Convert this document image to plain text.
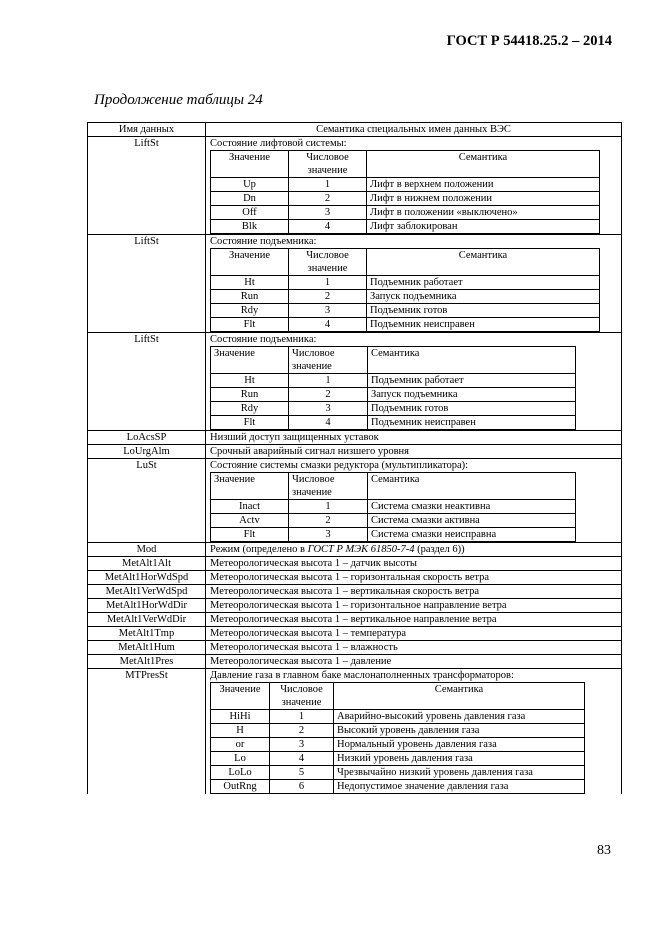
ГОСТ Р 54418.25.2 – 2014
Продолжение таблицы 24
Имя данных	Семантика специальных имен данных ВЭС
LiftSt	Состояние лифтовой системы:
Значение	Числовое значение	Семантика
Up	1	Лифт в верхнем положении
Dn	2	Лифт в нижнем положении
Off	3	Лифт в положении «выключено»
Blk	4	Лифт заблокирован

LiftSt	Состояние подъемника:
Значение	Числовое значение	Семантика
Ht	1	Подъемник работает
Run	2	Запуск подъемника
Rdy	3	Подъемник готов
Flt	4	Подъемник неисправен

LiftSt	Состояние подъемника:
Значение	Числовое значение	Семантика
Ht	1	Подъемник работает
Run	2	Запуск подъемника
Rdy	3	Подъемник готов
Flt	4	Подъемник неисправен

LoAcsSP	Низший доступ защищенных уставок
LoUrgAlm	Срочный аварийный сигнал низшего уровня
LuSt	Состояние системы смазки редуктора (мультипликатора):
Значение	Числовое значение	Семантика
Inact	1	Система смазки неактивна
Actv	2	Система смазки активна
Flt	3	Система смазки неисправна

Mod	Режим (определено в ГОСТ Р МЭК 61850-7-4 (раздел 6))
MetAlt1Alt	Метеорологическая высота 1 – датчик высоты
MetAlt1HorWdSpd	Метеорологическая высота 1 – горизонтальная скорость ветра
MetAlt1VerWdSpd	Метеорологическая высота 1 – вертикальная скорость ветра
MetAlt1HorWdDir	Метеорологическая высота 1 – горизонтальное направление ветра
MetAlt1VerWdDir	Метеорологическая высота 1 – вертикальное направление ветра
MetAlt1Tmp	Метеорологическая высота 1 – температура
MetAlt1Hum	Метеорологическая высота 1 – влажность
MetAlt1Pres	Метеорологическая высота 1 – давление
MTPresSt	Давление газа в главном баке маслонаполненных трансформаторов:
Значение	Числовое значение	Семантика
HiHi	1	Аварийно-высокий уровень давления газа
H	2	Высокий уровень давления газа
or	3	Нормальный уровень давления газа
Lo	4	Низкий уровень давления газа
LoLo	5	Чрезвычайно низкий уровень давления газа
OutRng	6	Недопустимое значение давления газа
83
